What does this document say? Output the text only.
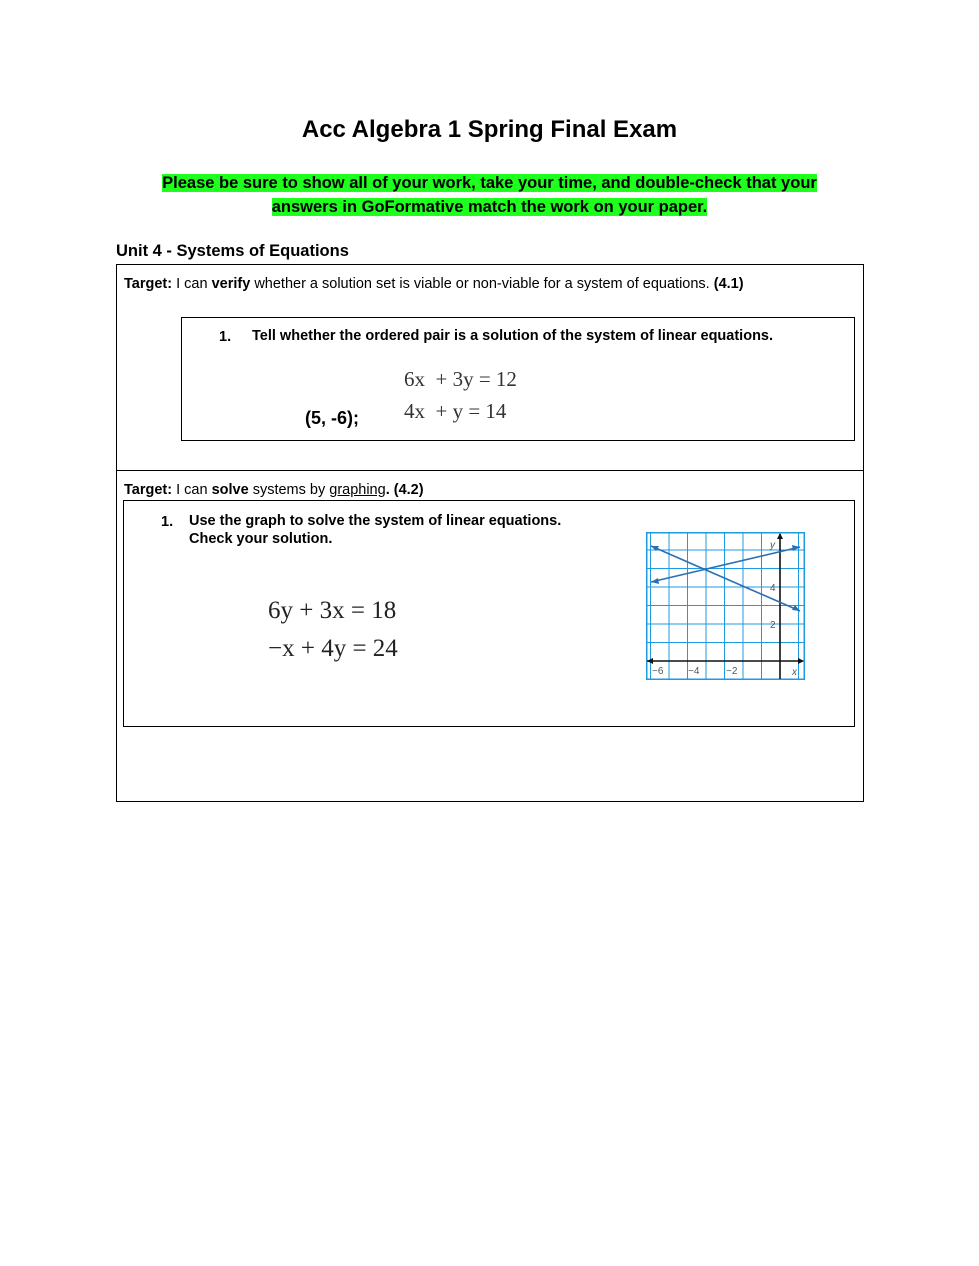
Acc Algebra 1 Spring Final Exam
Please be sure to show all of your work, take your time, and double-check that your answers in GoFormative match the work on your paper.
Unit 4 - Systems of Equations
Target: I can verify whether a solution set is viable or non-viable for a system of equations. (4.1)
1. Tell whether the ordered pair is a solution of the system of linear equations.
(5, -6);
6x  + 3y = 12
4x  + y = 14
Target: I can solve systems by graphing. (4.2)
1. Use the graph to solve the system of linear equations.
Check your solution.
6y + 3x = 18
−x + 4y = 24
−6 −4	−2
4
2
y
x
